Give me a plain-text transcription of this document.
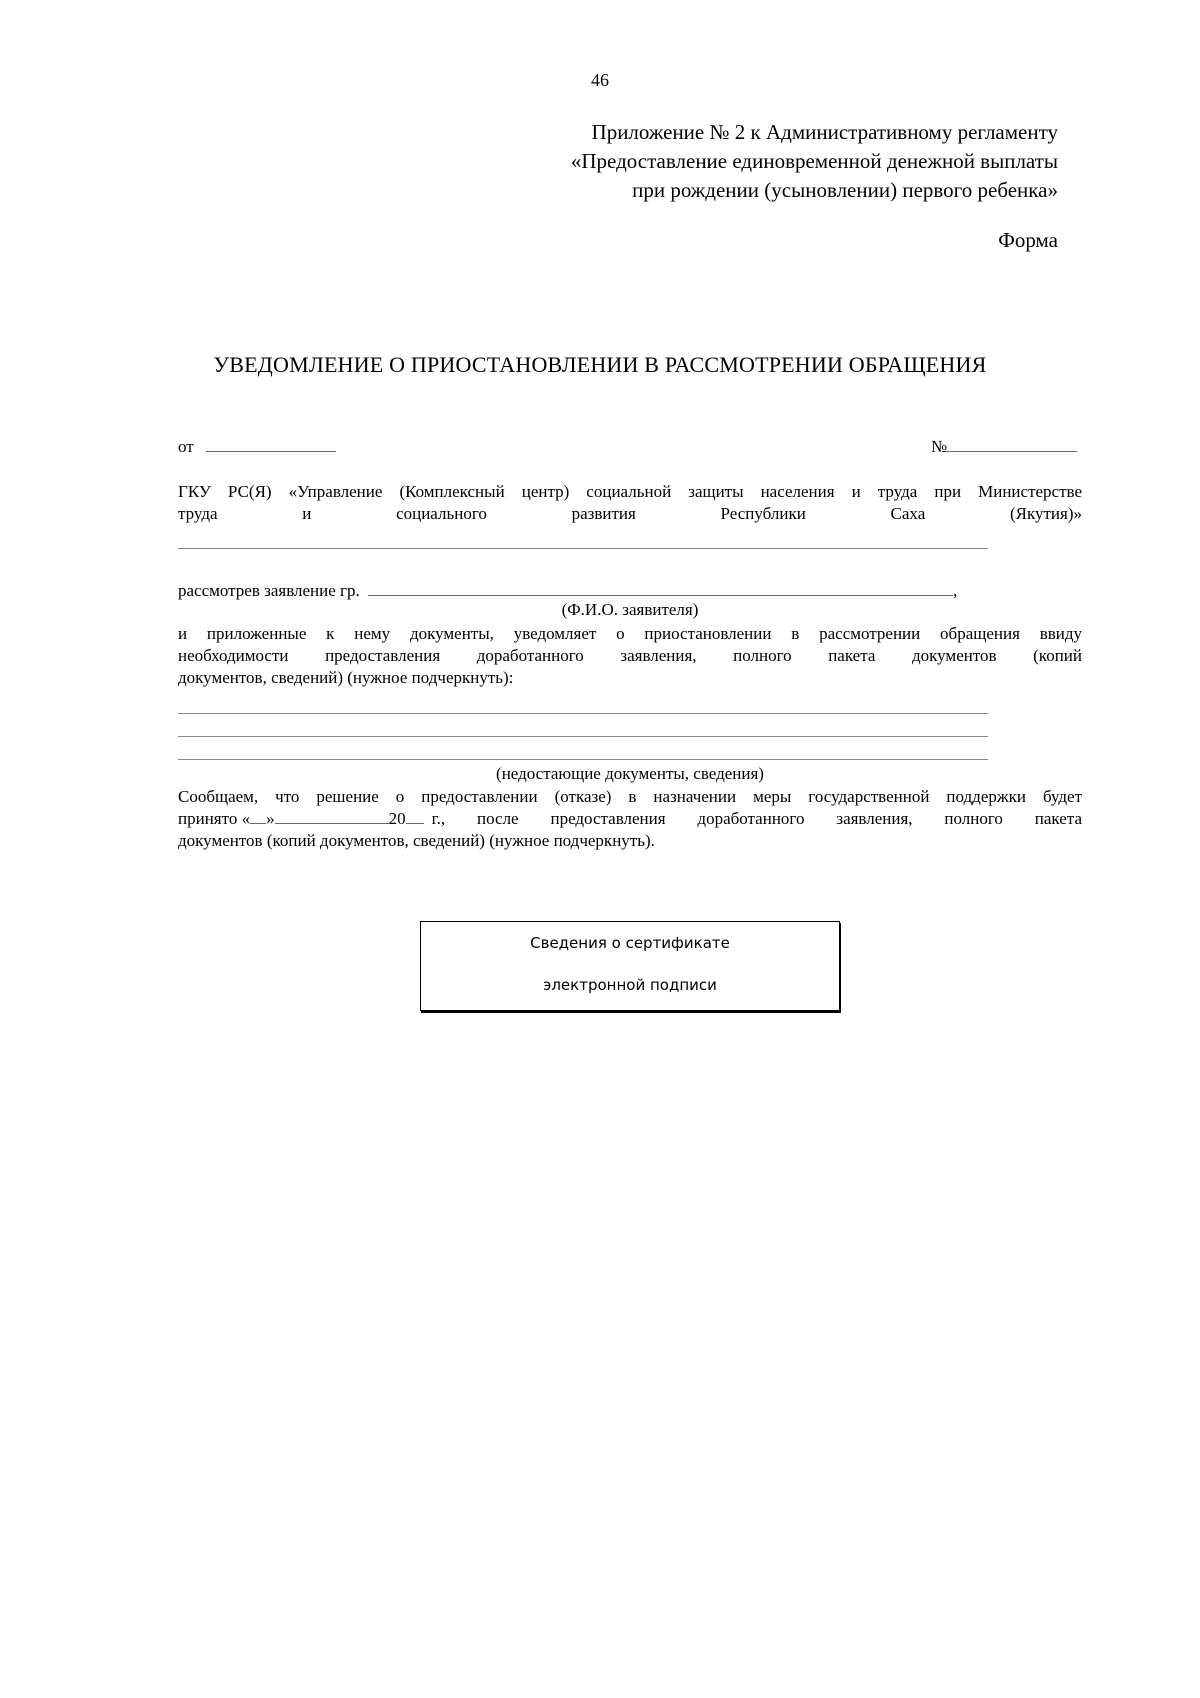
46
Приложение № 2 к Административному регламенту
«Предоставление единовременной денежной выплаты
при рождении (усыновлении) первого ребенка»
Форма
УВЕДОМЛЕНИЕ О ПРИОСТАНОВЛЕНИИ В РАССМОТРЕНИИ ОБРАЩЕНИЯ
от	№
ГКУ РС(Я) «Управление (Комплексный центр) социальной защиты населения и труда при Министерстве
труда	и	социального	развития	Республики	Саха	(Якутия)»
рассмотрев заявление гр.	,
(Ф.И.О. заявителя)
и приложенные к нему документы, уведомляет о приостановлении в рассмотрении обращения ввиду
необходимости предоставления доработанного заявления, полного пакета документов (копий
документов, сведений) (нужное подчеркнуть):
(недостающие документы, сведения)
Сообщаем, что решение о предоставлении (отказе) в назначении меры государственной поддержки будет
принято « »	20 г., после предоставления доработанного заявления, полного пакета
документов (копий документов, сведений) (нужное подчеркнуть).
Сведения о сертификате
электронной подписи
